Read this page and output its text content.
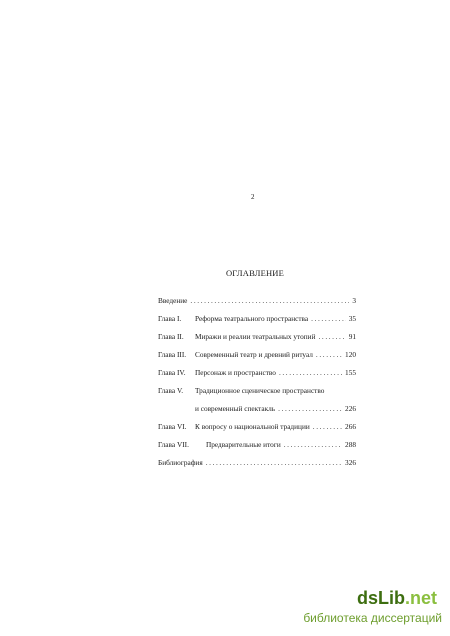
2
ОГЛАВЛЕНИЕ
Введение .....	3
Глава I.	Реформа театрального пространства .....	35
Глава II.	Миражи и реалии театральных утопий .....	91
Глава III.	Современный театр и древний ритуал .....	120
Глава IV.	Персонаж и пространство .....	155
Глава V.	Традиционное сценическое пространство
и современный спектакль .....	226
Глава VI.	К вопросу о национальной традиции .....	266
Глава VII.	Предварительные итоги .....	288
Библиография .....	326
dsLib.net
библиотека диссертаций
